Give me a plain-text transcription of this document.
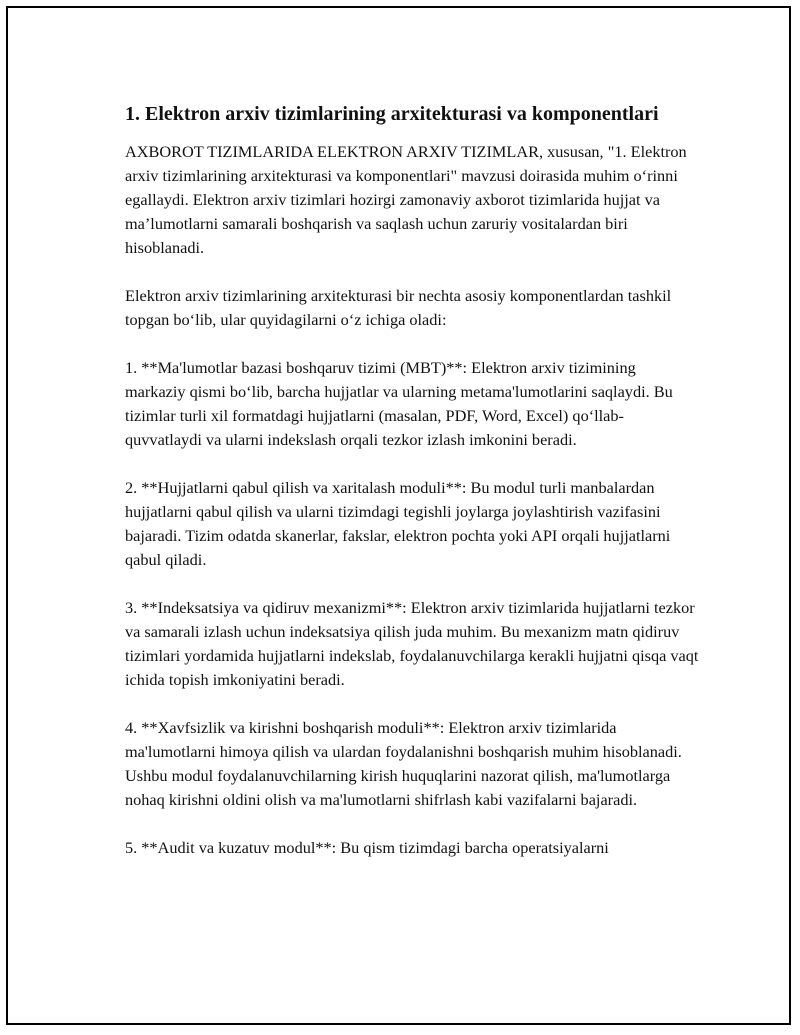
1. Elektron arxiv tizimlarining arxitekturasi va komponentlari

AXBOROT TIZIMLARIDA ELEKTRON ARXIV TIZIMLAR, xususan, "1. Elektron arxiv tizimlarining arxitekturasi va komponentlari" mavzusi doirasida muhim o‘rinni egallaydi. Elektron arxiv tizimlari hozirgi zamonaviy axborot tizimlarida hujjat va ma’lumotlarni samarali boshqarish va saqlash uchun zaruriy vositalardan biri hisoblanadi.

Elektron arxiv tizimlarining arxitekturasi bir nechta asosiy komponentlardan tashkil topgan bo‘lib, ular quyidagilarni o‘z ichiga oladi:

1. **Ma'lumotlar bazasi boshqaruv tizimi (MBT)**: Elektron arxiv tizimining markaziy qismi bo‘lib, barcha hujjatlar va ularning metama'lumotlarini saqlaydi. Bu tizimlar turli xil formatdagi hujjatlarni (masalan, PDF, Word, Excel) qo‘llab-quvvatlaydi va ularni indekslash orqali tezkor izlash imkonini beradi.

2. **Hujjatlarni qabul qilish va xaritalash moduli**: Bu modul turli manbalardan hujjatlarni qabul qilish va ularni tizimdagi tegishli joylarga joylashtirish vazifasini bajaradi. Tizim odatda skanerlar, fakslar, elektron pochta yoki API orqali hujjatlarni qabul qiladi.

3. **Indeksatsiya va qidiruv mexanizmi**: Elektron arxiv tizimlarida hujjatlarni tezkor va samarali izlash uchun indeksatsiya qilish juda muhim. Bu mexanizm matn qidiruv tizimlari yordamida hujjatlarni indekslab, foydalanuvchilarga kerakli hujjatni qisqa vaqt ichida topish imkoniyatini beradi.

4. **Xavfsizlik va kirishni boshqarish moduli**: Elektron arxiv tizimlarida ma'lumotlarni himoya qilish va ulardan foydalanishni boshqarish muhim hisoblanadi. Ushbu modul foydalanuvchilarning kirish huquqlarini nazorat qilish, ma'lumotlarga nohaq kirishni oldini olish va ma'lumotlarni shifrlash kabi vazifalarni bajaradi.

5. **Audit va kuzatuv modul**: Bu qism tizimdagi barcha operatsiyalarni
